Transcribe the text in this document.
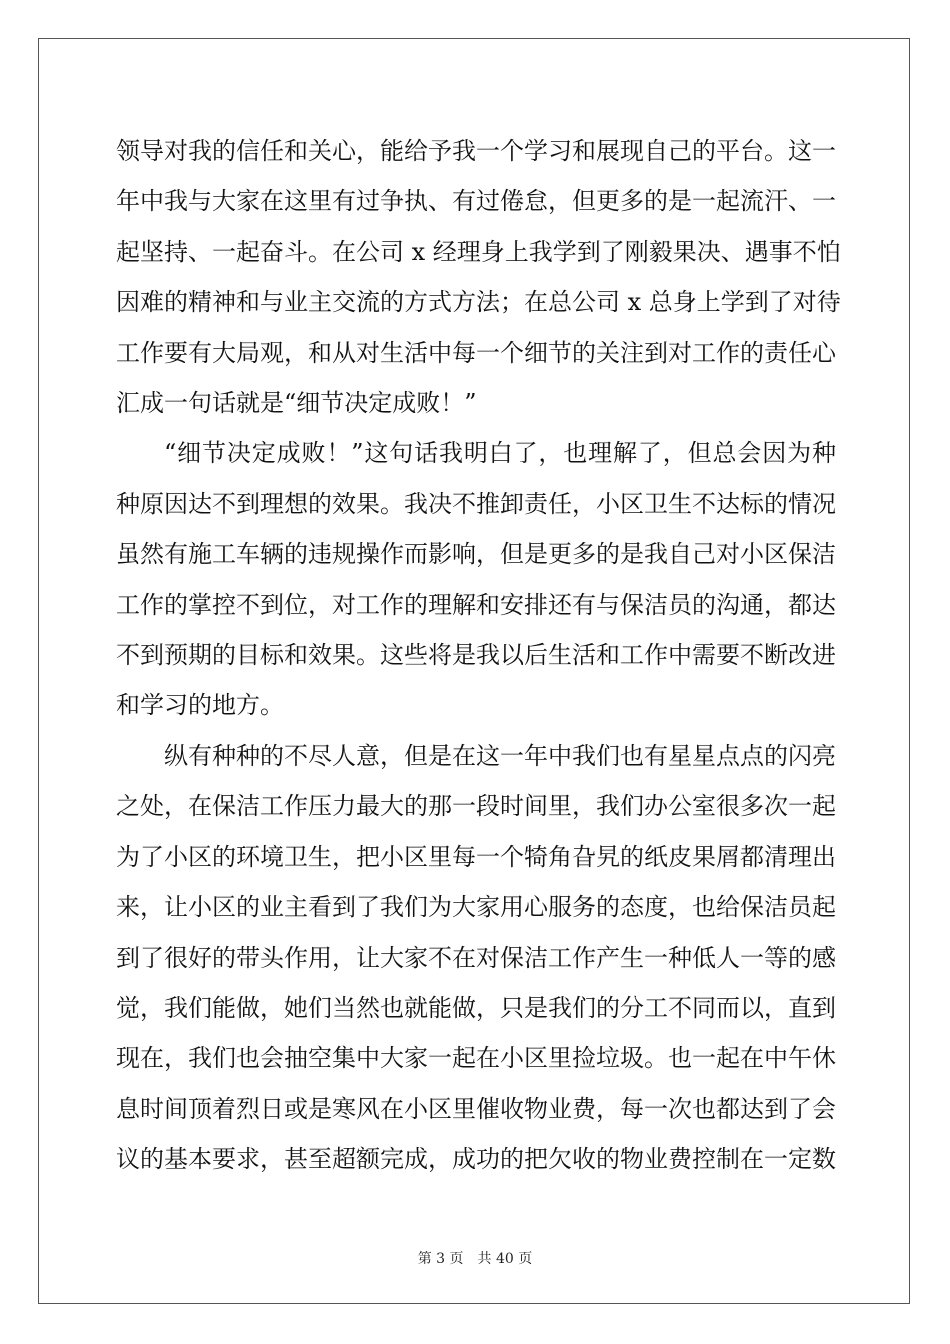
领导对我的信任和关心，能给予我一个学习和展现自己的平台。这一
年中我与大家在这里有过争执、有过倦怠，但更多的是一起流汗、一
起坚持、一起奋斗。在公司 x 经理身上我学到了刚毅果决、遇事不怕
因难的精神和与业主交流的方式方法；在总公司 x 总身上学到了对待
工作要有大局观，和从对生活中每一个细节的关注到对工作的责任心
汇成一句话就是“细节决定成败！”
“细节决定成败！”这句话我明白了，也理解了，但总会因为种
种原因达不到理想的效果。我决不推卸责任，小区卫生不达标的情况
虽然有施工车辆的违规操作而影响，但是更多的是我自己对小区保洁
工作的掌控不到位，对工作的理解和安排还有与保洁员的沟通，都达
不到预期的目标和效果。这些将是我以后生活和工作中需要不断改进
和学习的地方。
纵有种种的不尽人意，但是在这一年中我们也有星星点点的闪亮
之处，在保洁工作压力最大的那一段时间里，我们办公室很多次一起
为了小区的环境卫生，把小区里每一个犄角旮旯的纸皮果屑都清理出
来，让小区的业主看到了我们为大家用心服务的态度，也给保洁员起
到了很好的带头作用，让大家不在对保洁工作产生一种低人一等的感
觉，我们能做，她们当然也就能做，只是我们的分工不同而以，直到
现在，我们也会抽空集中大家一起在小区里捡垃圾。也一起在中午休
息时间顶着烈日或是寒风在小区里催收物业费，每一次也都达到了会
议的基本要求，甚至超额完成，成功的把欠收的物业费控制在一定数
第 3 页 共 40 页
